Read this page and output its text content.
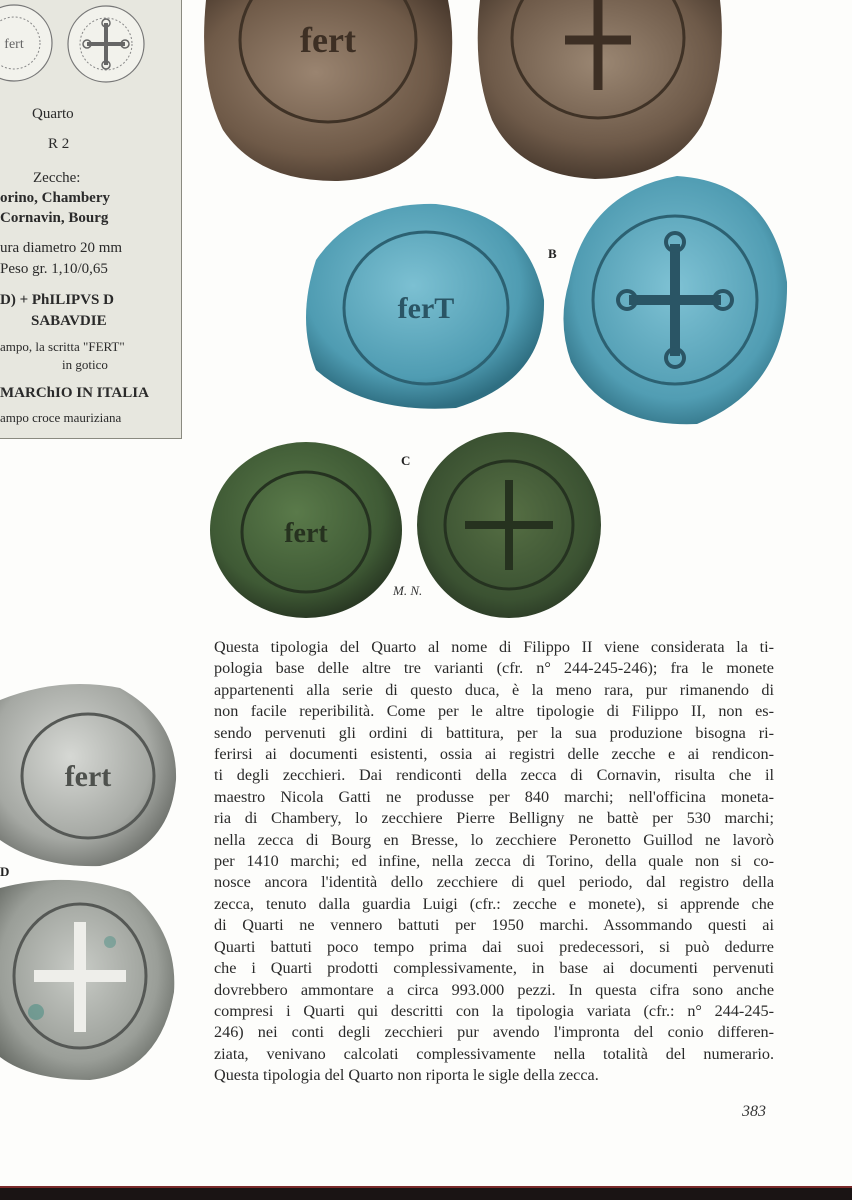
fert
Quarto
R 2
Zecche:
orino, Chambery
Cornavin, Bourg
ura diametro 20 mm
Peso gr. 1,10/0,65
D) + PhILIPVS D
SABAVDIE
ampo, la scritta "FERT"
in gotico
MARChIO IN ITALIA
ampo croce mauriziana
fert
ferT
B
C
fert
M. N.
fert
D
Questa tipologia del Quarto al nome di Filippo II viene considerata la ti-
pologia base delle altre tre varianti (cfr. n° 244-245-246); fra le monete
appartenenti alla serie di questo duca, è la meno rara, pur rimanendo di
non facile reperibilità. Come per le altre tipologie di Filippo II, non es-
sendo pervenuti gli ordini di battitura, per la sua produzione bisogna ri-
ferirsi ai documenti esistenti, ossia ai registri delle zecche e ai rendicon-
ti degli zecchieri. Dai rendiconti della zecca di Cornavin, risulta che il
maestro Nicola Gatti ne produsse per 840 marchi; nell'officina moneta-
ria di Chambery, lo zecchiere Pierre Belligny ne battè per 530 marchi;
nella zecca di Bourg en Bresse, lo zecchiere Peronetto Guillod ne lavorò
per 1410 marchi; ed infine, nella zecca di Torino, della quale non si co-
nosce ancora l'identità dello zecchiere di quel periodo, dal registro della
zecca, tenuto dalla guardia Luigi (cfr.: zecche e monete), si apprende che
di Quarti ne vennero battuti per 1950 marchi. Assommando questi ai
Quarti battuti poco tempo prima dai suoi predecessori, si può dedurre
che i Quarti prodotti complessivamente, in base ai documenti pervenuti
dovrebbero ammontare a circa 993.000 pezzi. In questa cifra sono anche
compresi i Quarti qui descritti con la tipologia variata (cfr.: n° 244-245-
246) nei conti degli zecchieri pur avendo l'impronta del conio differen-
ziata, venivano calcolati complessivamente nella totalità del numerario.
Questa tipologia del Quarto non riporta le sigle della zecca.
383
